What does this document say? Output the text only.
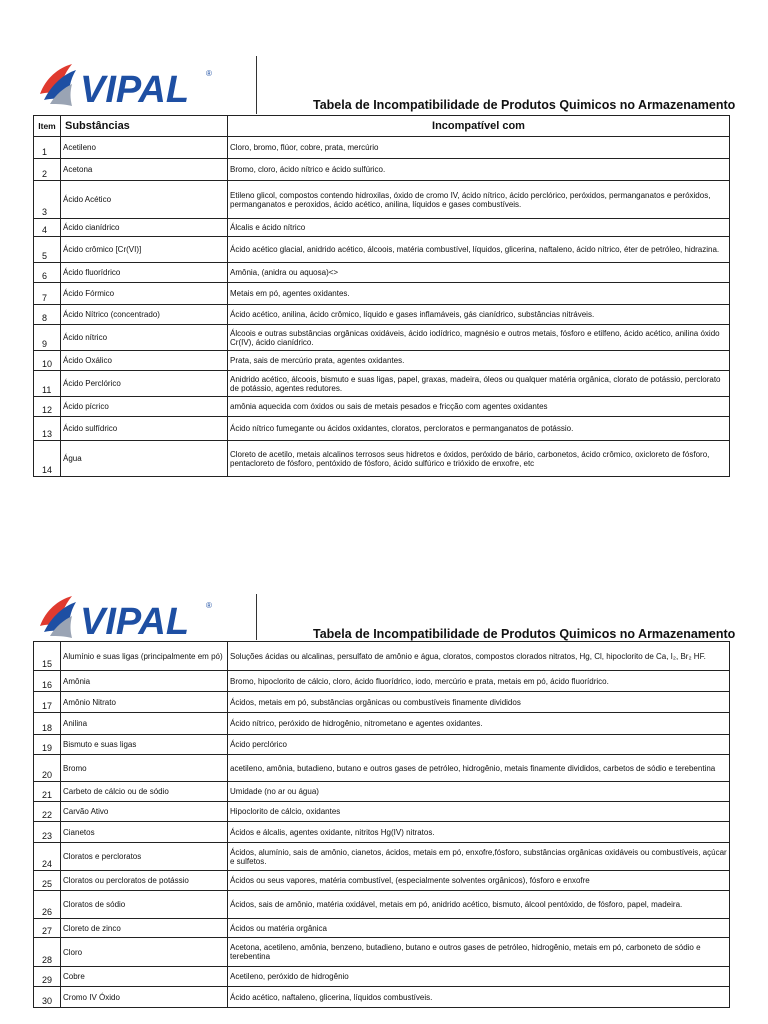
VIPAL ®
Tabela de Incompatibilidade de Produtos Quimicos no Armazenamento
Item	Substâncias	Incompatível com
1	Acetileno	Cloro, bromo, flúor, cobre, prata, mercúrio
2	Acetona	Bromo, cloro, ácido nítrico e ácido sulfúrico.
3	Ácido Acético	Etileno glicol, compostos contendo hidroxilas, óxido de cromo IV, ácido nítrico, ácido perclórico, peróxidos, permanganatos e peróxidos, permanganatos e peroxidos, ácido acético, anilina, líquidos e gases combustíveis.
4	Ácido cianídrico	Álcalis e ácido nítrico
5	Ácido crômico [Cr(VI)]	Ácido acético glacial, anidrido acético, álcoois, matéria combustível, líquidos, glicerina, naftaleno, ácido nítrico, éter de petróleo, hidrazina.
6	Ácido fluorídrico	Amônia, (anidra ou aquosa)<>
7	Ácido Fórmico	Metais em pó, agentes oxidantes.
8	Ácido Nítrico (concentrado)	Ácido acético, anilina, ácido crômico, líquido e gases inflamáveis, gás cianídrico, substâncias nitráveis.
9	Ácido nítrico	Álcoois e outras substâncias orgânicas oxidáveis, ácido iodídrico, magnésio e outros metais, fósforo e etilfeno, ácido acético, anilina óxido Cr(IV), ácido cianídrico.
10	Ácido Oxálico	Prata, sais de mercúrio prata, agentes oxidantes.
11	Ácido Perclórico	Anidrido acético, álcoois, bismuto e suas ligas, papel, graxas, madeira, óleos ou qualquer matéria orgânica, clorato de potássio, perclorato de potássio, agentes redutores.
12	Ácido pícrico	amônia aquecida com óxidos ou sais de metais pesados e fricção com agentes oxidantes
13	Ácido sulfídrico	Ácido nítrico fumegante ou ácidos oxidantes, cloratos, percloratos e permanganatos de potássio.
14	Água	Cloreto de acetilo, metais alcalinos terrosos seus hidretos e óxidos, peróxido de bário, carbonetos, ácido crômico, oxicloreto de fósforo, pentacloreto de fósforo, pentóxido de fósforo, ácido sulfúrico e trióxido de enxofre, etc
VIPAL ®
Tabela de Incompatibilidade de Produtos Quimicos no Armazenamento
15	Alumínio e suas ligas (principalmente em pó)	Soluções ácidas ou alcalinas, persulfato de amônio e água, cloratos, compostos clorados nitratos, Hg, Cl, hipoclorito de Ca, I₂, Br₂ HF.
16	Amônia	Bromo, hipoclorito de cálcio, cloro, ácido fluorídrico, iodo, mercúrio e prata, metais em pó, ácido fluorídrico.
17	Amônio Nitrato	Ácidos, metais em pó, substâncias orgânicas ou combustíveis finamente divididos
18	Anilina	Ácido nítrico, peróxido de hidrogênio, nitrometano e agentes oxidantes.
19	Bismuto e suas ligas	Ácido perclórico
20	Bromo	acetileno, amônia, butadieno, butano e outros gases de petróleo, hidrogênio, metais finamente divididos, carbetos de sódio e terebentina
21	Carbeto de cálcio ou de sódio	Umidade (no ar ou água)
22	Carvão Ativo	Hipoclorito de cálcio, oxidantes
23	Cianetos	Ácidos e álcalis, agentes oxidante, nitritos Hg(IV) nitratos.
24	Cloratos e percloratos	Ácidos, alumínio, sais de amônio, cianetos, ácidos, metais em pó, enxofre,fósforo, substâncias orgânicas oxidáveis ou combustíveis, açúcar e sulfetos.
25	Cloratos ou percloratos de potássio	Ácidos ou seus vapores, matéria combustível, (especialmente solventes orgânicos), fósforo e enxofre
26	Cloratos de sódio	Ácidos, sais de amônio, matéria oxidável, metais em pó, anidrido acético, bismuto, álcool pentóxido, de fósforo, papel, madeira.
27	Cloreto de zinco	Ácidos ou matéria orgânica
28	Cloro	Acetona, acetileno, amônia, benzeno, butadieno, butano e outros gases de petróleo, hidrogênio, metais em pó, carboneto de sódio e terebentina
29	Cobre	Acetileno, peróxido de hidrogênio
30	Cromo IV Óxido	Ácido acético, naftaleno, glicerina, líquidos combustíveis.
